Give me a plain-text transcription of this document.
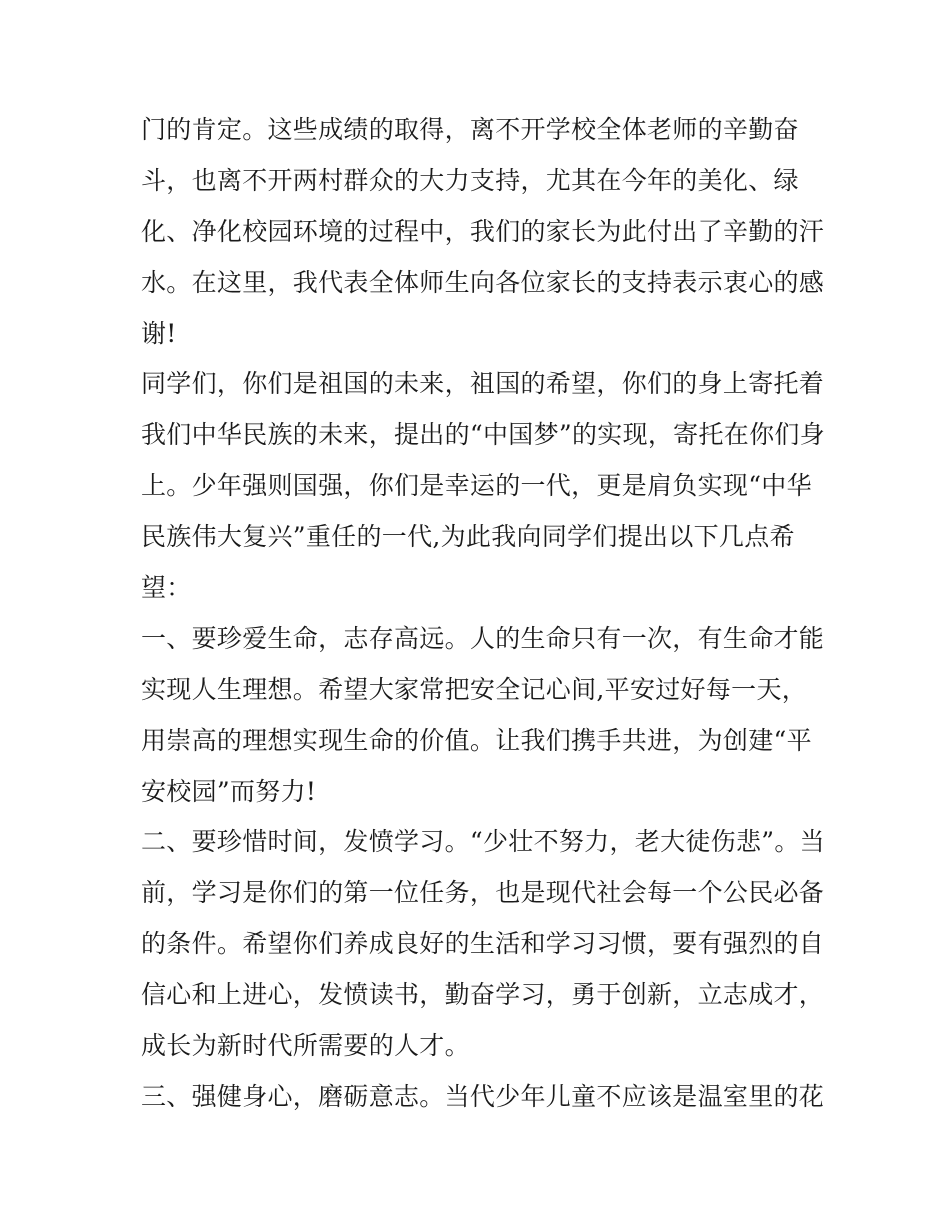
门的肯定。这些成绩的取得，离不开学校全体老师的辛勤奋
斗，也离不开两村群众的大力支持，尤其在今年的美化、绿
化、净化校园环境的过程中，我们的家长为此付出了辛勤的汗
水。在这里，我代表全体师生向各位家长的支持表示衷心的感
谢!
同学们，你们是祖国的未来，祖国的希望，你们的身上寄托着
我们中华民族的未来，提出的“中国梦”的实现，寄托在你们身
上。少年强则国强，你们是幸运的一代，更是肩负实现“中华
民族伟大复兴”重任的一代,为此我向同学们提出以下几点希
望：
一、要珍爱生命，志存高远。人的生命只有一次，有生命才能
实现人生理想。希望大家常把安全记心间,平安过好每一天，
用崇高的理想实现生命的价值。让我们携手共进，为创建“平
安校园”而努力!
二、要珍惜时间，发愤学习。“少壮不努力，老大徒伤悲”。当
前，学习是你们的第一位任务，也是现代社会每一个公民必备
的条件。希望你们养成良好的生活和学习习惯，要有强烈的自
信心和上进心，发愤读书，勤奋学习，勇于创新，立志成才，
成长为新时代所需要的人才。
三、强健身心，磨砺意志。当代少年儿童不应该是温室里的花
